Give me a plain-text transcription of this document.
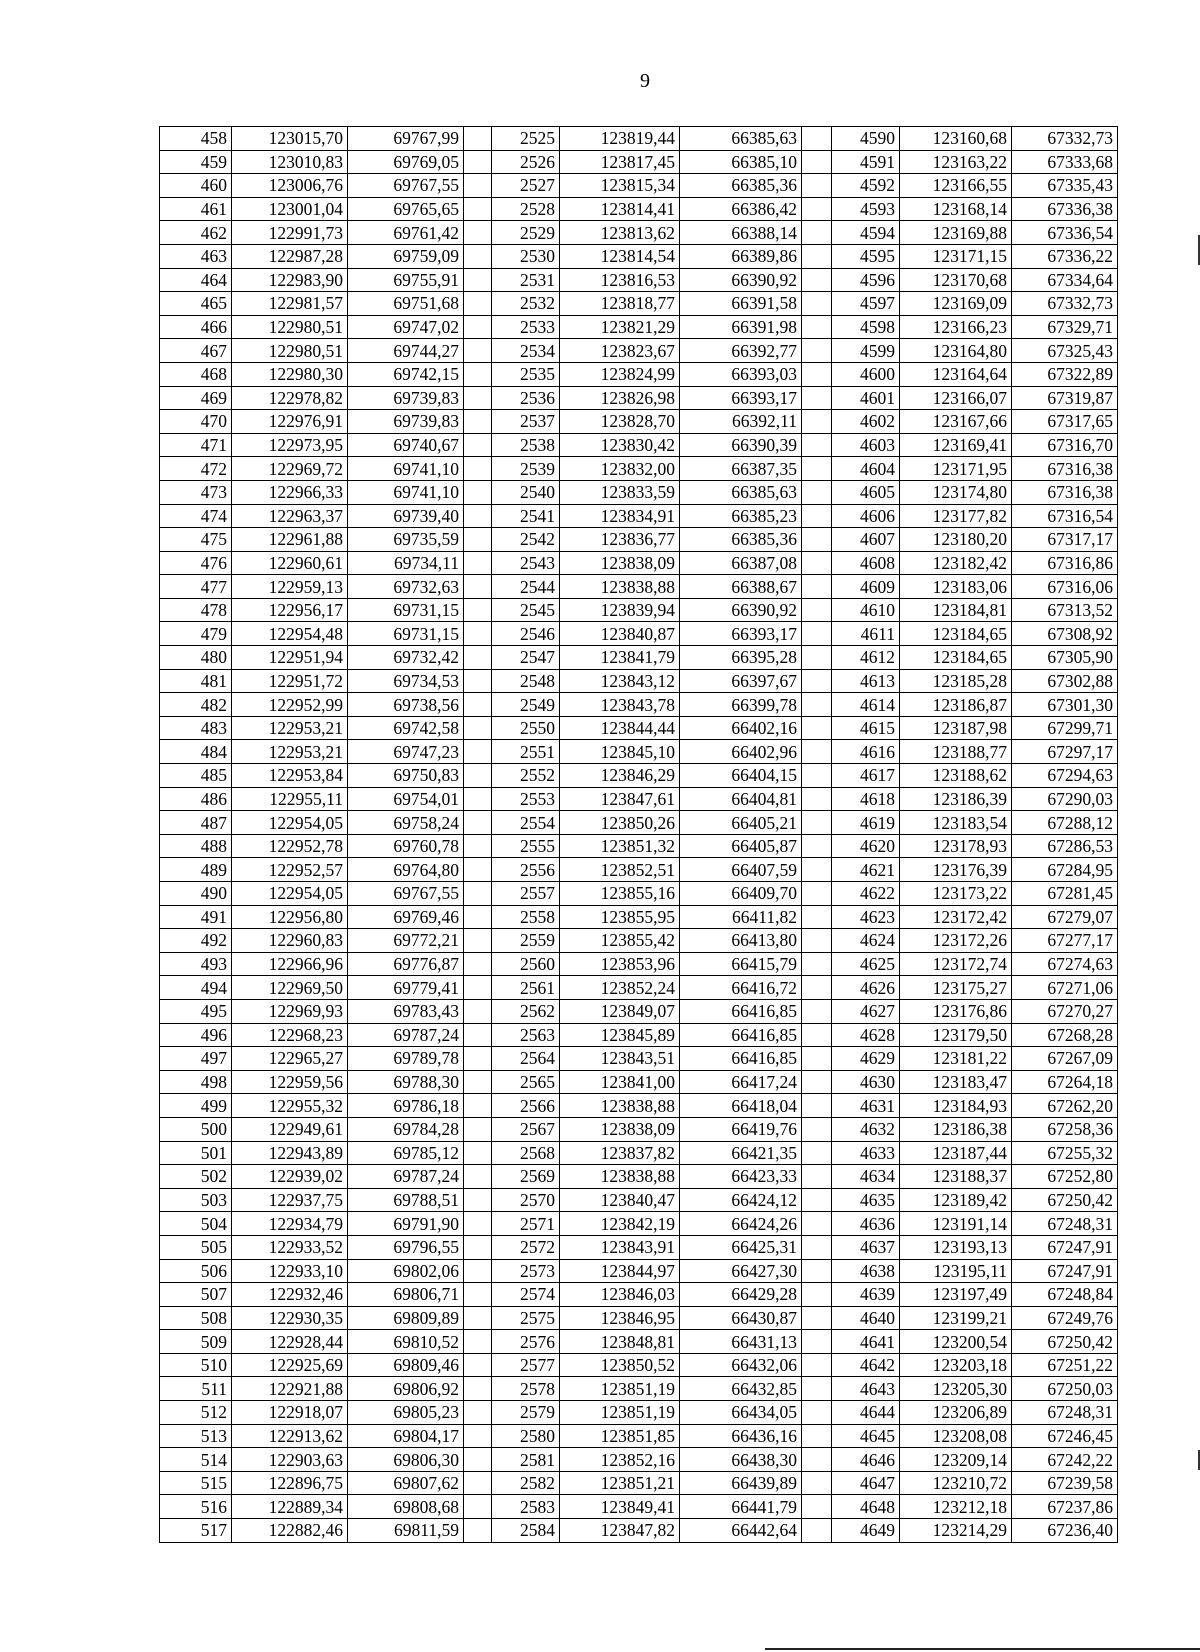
9
458	123015,70	69767,99		2525	123819,44	66385,63		4590	123160,68	67332,73
459	123010,83	69769,05		2526	123817,45	66385,10		4591	123163,22	67333,68
460	123006,76	69767,55		2527	123815,34	66385,36		4592	123166,55	67335,43
461	123001,04	69765,65		2528	123814,41	66386,42		4593	123168,14	67336,38
462	122991,73	69761,42		2529	123813,62	66388,14		4594	123169,88	67336,54
463	122987,28	69759,09		2530	123814,54	66389,86		4595	123171,15	67336,22
464	122983,90	69755,91		2531	123816,53	66390,92		4596	123170,68	67334,64
465	122981,57	69751,68		2532	123818,77	66391,58		4597	123169,09	67332,73
466	122980,51	69747,02		2533	123821,29	66391,98		4598	123166,23	67329,71
467	122980,51	69744,27		2534	123823,67	66392,77		4599	123164,80	67325,43
468	122980,30	69742,15		2535	123824,99	66393,03		4600	123164,64	67322,89
469	122978,82	69739,83		2536	123826,98	66393,17		4601	123166,07	67319,87
470	122976,91	69739,83		2537	123828,70	66392,11		4602	123167,66	67317,65
471	122973,95	69740,67		2538	123830,42	66390,39		4603	123169,41	67316,70
472	122969,72	69741,10		2539	123832,00	66387,35		4604	123171,95	67316,38
473	122966,33	69741,10		2540	123833,59	66385,63		4605	123174,80	67316,38
474	122963,37	69739,40		2541	123834,91	66385,23		4606	123177,82	67316,54
475	122961,88	69735,59		2542	123836,77	66385,36		4607	123180,20	67317,17
476	122960,61	69734,11		2543	123838,09	66387,08		4608	123182,42	67316,86
477	122959,13	69732,63		2544	123838,88	66388,67		4609	123183,06	67316,06
478	122956,17	69731,15		2545	123839,94	66390,92		4610	123184,81	67313,52
479	122954,48	69731,15		2546	123840,87	66393,17		4611	123184,65	67308,92
480	122951,94	69732,42		2547	123841,79	66395,28		4612	123184,65	67305,90
481	122951,72	69734,53		2548	123843,12	66397,67		4613	123185,28	67302,88
482	122952,99	69738,56		2549	123843,78	66399,78		4614	123186,87	67301,30
483	122953,21	69742,58		2550	123844,44	66402,16		4615	123187,98	67299,71
484	122953,21	69747,23		2551	123845,10	66402,96		4616	123188,77	67297,17
485	122953,84	69750,83		2552	123846,29	66404,15		4617	123188,62	67294,63
486	122955,11	69754,01		2553	123847,61	66404,81		4618	123186,39	67290,03
487	122954,05	69758,24		2554	123850,26	66405,21		4619	123183,54	67288,12
488	122952,78	69760,78		2555	123851,32	66405,87		4620	123178,93	67286,53
489	122952,57	69764,80		2556	123852,51	66407,59		4621	123176,39	67284,95
490	122954,05	69767,55		2557	123855,16	66409,70		4622	123173,22	67281,45
491	122956,80	69769,46		2558	123855,95	66411,82		4623	123172,42	67279,07
492	122960,83	69772,21		2559	123855,42	66413,80		4624	123172,26	67277,17
493	122966,96	69776,87		2560	123853,96	66415,79		4625	123172,74	67274,63
494	122969,50	69779,41		2561	123852,24	66416,72		4626	123175,27	67271,06
495	122969,93	69783,43		2562	123849,07	66416,85		4627	123176,86	67270,27
496	122968,23	69787,24		2563	123845,89	66416,85		4628	123179,50	67268,28
497	122965,27	69789,78		2564	123843,51	66416,85		4629	123181,22	67267,09
498	122959,56	69788,30		2565	123841,00	66417,24		4630	123183,47	67264,18
499	122955,32	69786,18		2566	123838,88	66418,04		4631	123184,93	67262,20
500	122949,61	69784,28		2567	123838,09	66419,76		4632	123186,38	67258,36
501	122943,89	69785,12		2568	123837,82	66421,35		4633	123187,44	67255,32
502	122939,02	69787,24		2569	123838,88	66423,33		4634	123188,37	67252,80
503	122937,75	69788,51		2570	123840,47	66424,12		4635	123189,42	67250,42
504	122934,79	69791,90		2571	123842,19	66424,26		4636	123191,14	67248,31
505	122933,52	69796,55		2572	123843,91	66425,31		4637	123193,13	67247,91
506	122933,10	69802,06		2573	123844,97	66427,30		4638	123195,11	67247,91
507	122932,46	69806,71		2574	123846,03	66429,28		4639	123197,49	67248,84
508	122930,35	69809,89		2575	123846,95	66430,87		4640	123199,21	67249,76
509	122928,44	69810,52		2576	123848,81	66431,13		4641	123200,54	67250,42
510	122925,69	69809,46		2577	123850,52	66432,06		4642	123203,18	67251,22
511	122921,88	69806,92		2578	123851,19	66432,85		4643	123205,30	67250,03
512	122918,07	69805,23		2579	123851,19	66434,05		4644	123206,89	67248,31
513	122913,62	69804,17		2580	123851,85	66436,16		4645	123208,08	67246,45
514	122903,63	69806,30		2581	123852,16	66438,30		4646	123209,14	67242,22
515	122896,75	69807,62		2582	123851,21	66439,89		4647	123210,72	67239,58
516	122889,34	69808,68		2583	123849,41	66441,79		4648	123212,18	67237,86
517	122882,46	69811,59		2584	123847,82	66442,64		4649	123214,29	67236,40
